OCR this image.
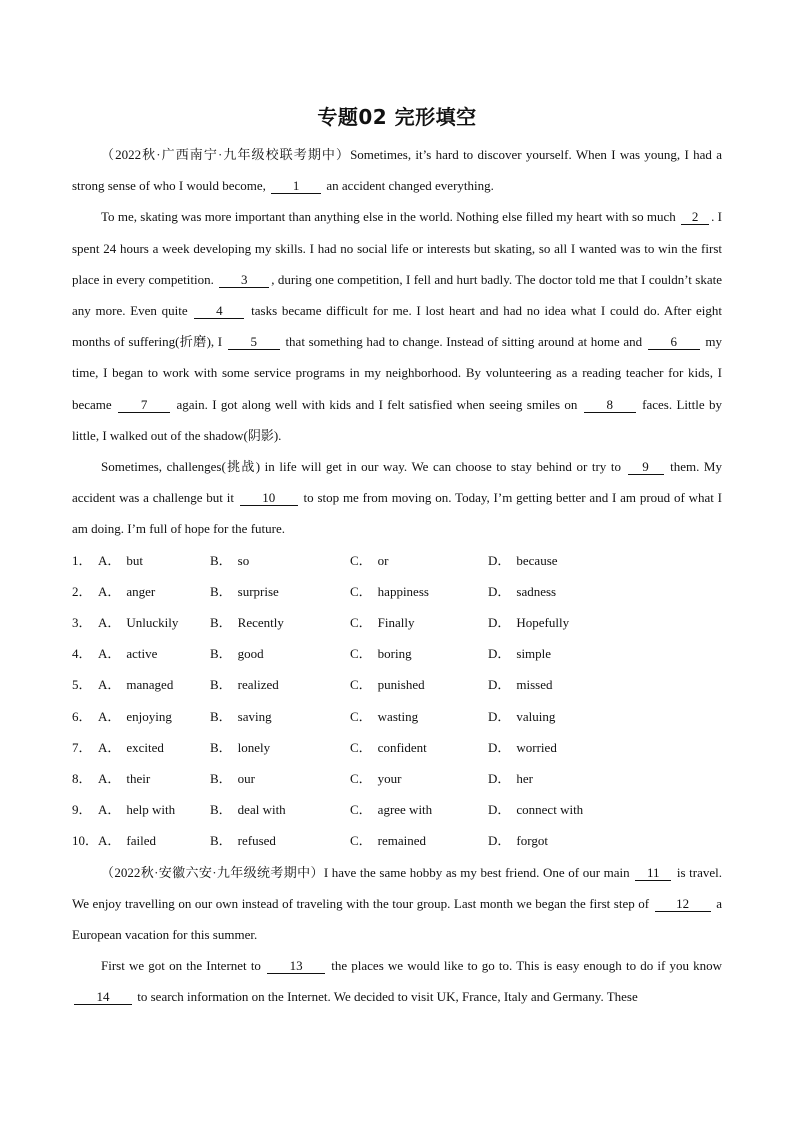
专题02 完形填空

（2022秋·广西南宁·九年级校联考期中）Sometimes, it’s hard to discover yourself. When I was young, I had a strong sense of who I would become, 1 an accident changed everything.

To me, skating was more important than anything else in the world. Nothing else filled my heart with so much 2 . I spent 24 hours a week developing my skills. I had no social life or interests but skating, so all I wanted was to win the first place in every competition. 3 , during one competition, I fell and hurt badly. The doctor told me that I couldn’t skate any more. Even quite 4 tasks became difficult for me. I lost heart and had no idea what I could do. After eight months of suffering(折磨), I 5 that something had to change. Instead of sitting around at home and 6 my time, I began to work with some service programs in my neighborhood. By volunteering as a reading teacher for kids, I became 7 again. I got along well with kids and I felt satisfied when seeing smiles on 8 faces. Little by little, I walked out of the shadow(阴影).

Sometimes, challenges(挑战) in life will get in our way. We can choose to stay behind or try to 9 them. My accident was a challenge but it 10 to stop me from moving on. Today, I’m getting better and I am proud of what I am doing. I’m full of hope for the future.

1． A． but	B． so	C． or	D． because
2． A． anger	B． surprise	C． happiness	D． sadness
3． A． Unluckily	B． Recently	C． Finally	D． Hopefully
4． A． active	B． good	C． boring	D． simple
5． A． managed	B． realized	C． punished	D． missed
6． A． enjoying	B． saving	C． wasting	D． valuing
7． A． excited	B． lonely	C． confident	D． worried
8． A． their	B． our	C． your	D． her
9． A． help with	B． deal with	C． agree with	D． connect with
10． A． failed	B． refused	C． remained	D． forgot

（2022秋·安徽六安·九年级统考期中）I have the same hobby as my best friend. One of our main 11 is travel. We enjoy travelling on our own instead of traveling with the tour group. Last month we began the first step of 12 a European vacation for this summer.

First we got on the Internet to 13 the places we would like to go to. This is easy enough to do if you know 14 to search information on the Internet. We decided to visit UK, France, Italy and Germany. These
